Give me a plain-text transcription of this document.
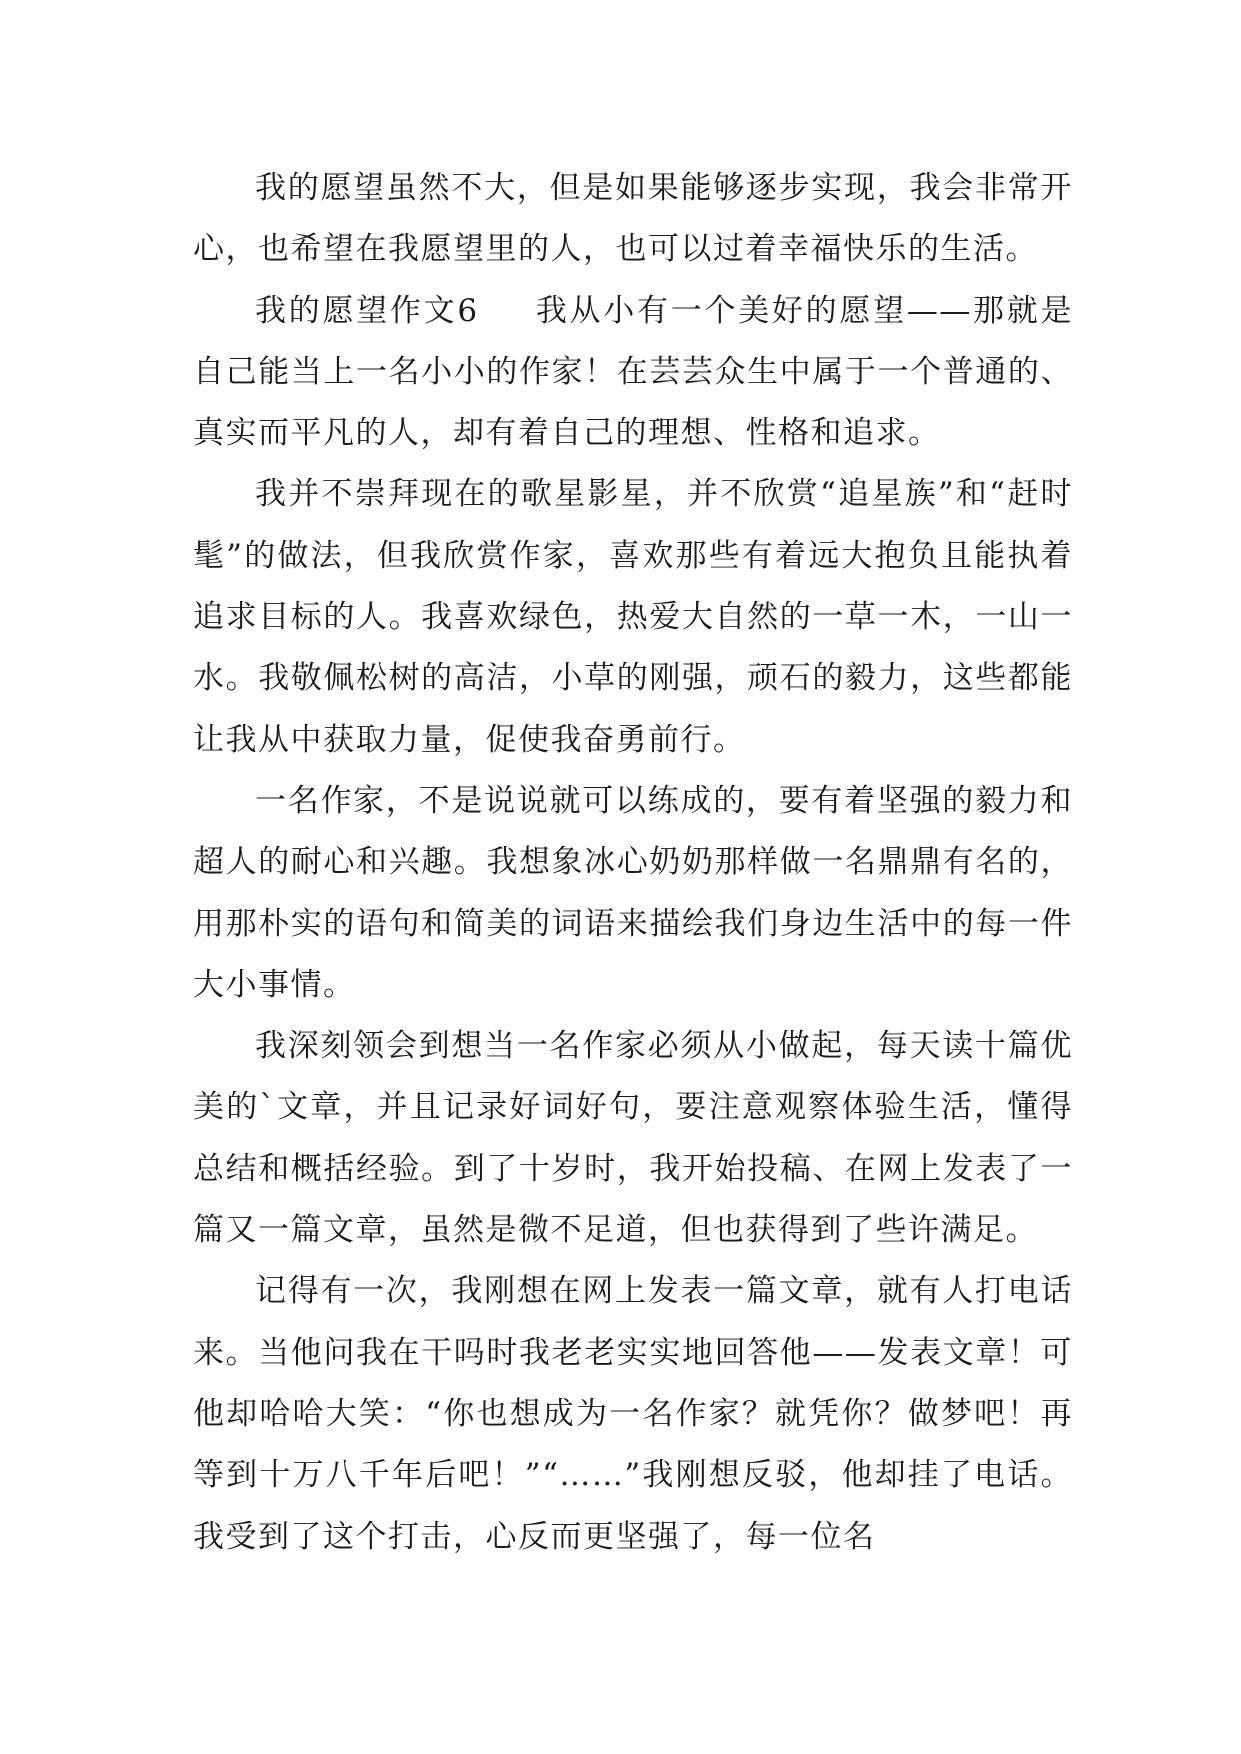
我的愿望虽然不大，但是如果能够逐步实现，我会非常开心，也希望在我愿望里的人，也可以过着幸福快乐的生活。

我的愿望作文6 我从小有一个美好的愿望——那就是自己能当上一名小小的作家！在芸芸众生中属于一个普通的、真实而平凡的人，却有着自己的理想、性格和追求。

我并不崇拜现在的歌星影星，并不欣赏“追星族”和“赶时髦”的做法，但我欣赏作家，喜欢那些有着远大抱负且能执着追求目标的人。我喜欢绿色，热爱大自然的一草一木，一山一水。我敬佩松树的高洁，小草的刚强，顽石的毅力，这些都能让我从中获取力量，促使我奋勇前行。

一名作家，不是说说就可以练成的，要有着坚强的毅力和超人的耐心和兴趣。我想象冰心奶奶那样做一名鼎鼎有名的，用那朴实的语句和简美的词语来描绘我们身边生活中的每一件大小事情。

我深刻领会到想当一名作家必须从小做起，每天读十篇优美的`文章，并且记录好词好句，要注意观察体验生活，懂得总结和概括经验。到了十岁时，我开始投稿、在网上发表了一篇又一篇文章，虽然是微不足道，但也获得到了些许满足。

记得有一次，我刚想在网上发表一篇文章，就有人打电话来。当他问我在干吗时我老老实实地回答他——发表文章！可他却哈哈大笑：“你也想成为一名作家？就凭你？做梦吧！再等到十万八千年后吧！”“……”我刚想反驳，他却挂了电话。我受到了这个打击，心反而更坚强了，每一位名
